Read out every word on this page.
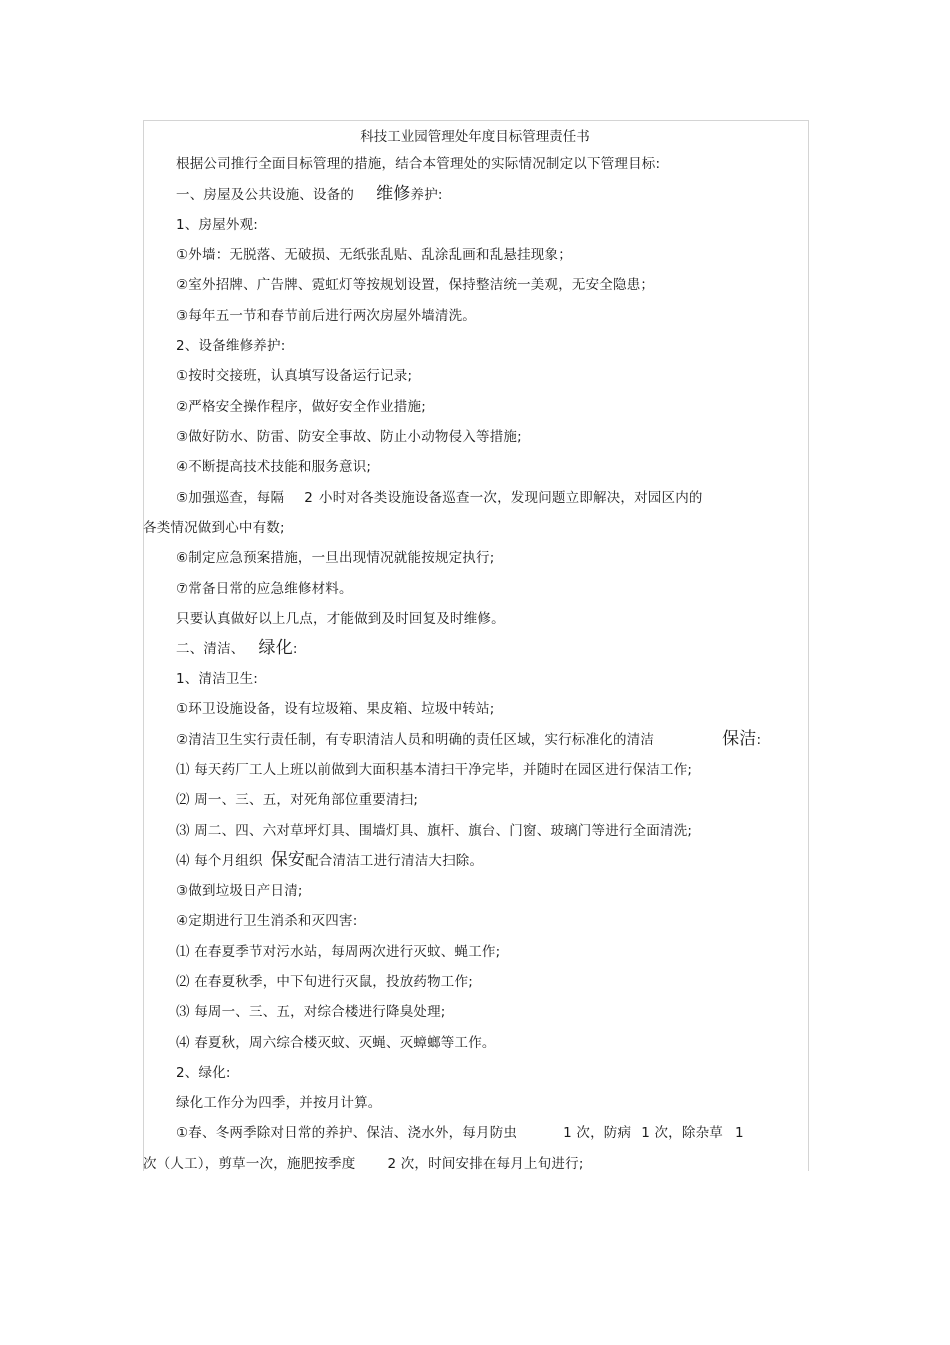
科技工业园管理处年度目标管理责任书
根据公司推行全面目标管理的措施，结合本管理处的实际情况制定以下管理目标:
一、房屋及公共设施、设备的 维修养护:
1、房屋外观:
①外墙：无脱落、无破损、无纸张乱贴、乱涂乱画和乱悬挂现象；
②室外招牌、广告牌、霓虹灯等按规划设置，保持整洁统一美观，无安全隐患；
③每年五一节和春节前后进行两次房屋外墙清洗。
2、设备维修养护:
①按时交接班，认真填写设备运行记录;
②严格安全操作程序，做好安全作业措施;
③做好防水、防雷、防安全事故、防止小动物侵入等措施;
④不断提高技术技能和服务意识;
⑤加强巡查，每隔 2 小时对各类设施设备巡查一次，发现问题立即解决，对园区内的
各类情况做到心中有数;
⑥制定应急预案措施，一旦出现情况就能按规定执行;
⑦常备日常的应急维修材料。
只要认真做好以上几点，才能做到及时回复及时维修。
二、清洁、 绿化:
1、清洁卫生:
①环卫设施设备，设有垃圾箱、果皮箱、垃圾中转站;
②清洁卫生实行责任制，有专职清洁人员和明确的责任区域，实行标准化的清洁	保洁:
⑴ 每天药厂工人上班以前做到大面积基本清扫干净完毕，并随时在园区进行保洁工作;
⑵ 周一、三、五，对死角部位重要清扫;
⑶ 周二、四、六对草坪灯具、围墙灯具、旗杆、旗台、门窗、玻璃门等进行全面清洗;
⑷ 每个月组织 保安配合清洁工进行清洁大扫除。
③做到垃圾日产日清;
④定期进行卫生消杀和灭四害:
⑴ 在春夏季节对污水站，每周两次进行灭蚊、蝇工作;
⑵ 在春夏秋季，中下旬进行灭鼠，投放药物工作;
⑶ 每周一、三、五，对综合楼进行降臭处理;
⑷ 春夏秋，周六综合楼灭蚊、灭蝇、灭蟑螂等工作。
2、绿化:
绿化工作分为四季，并按月计算。
①春、冬两季除对日常的养护、保洁、浇水外，每月防虫	1 次，防病 1 次，除杂草 1
次（人工），剪草一次，施肥按季度 2 次，时间安排在每月上旬进行;
